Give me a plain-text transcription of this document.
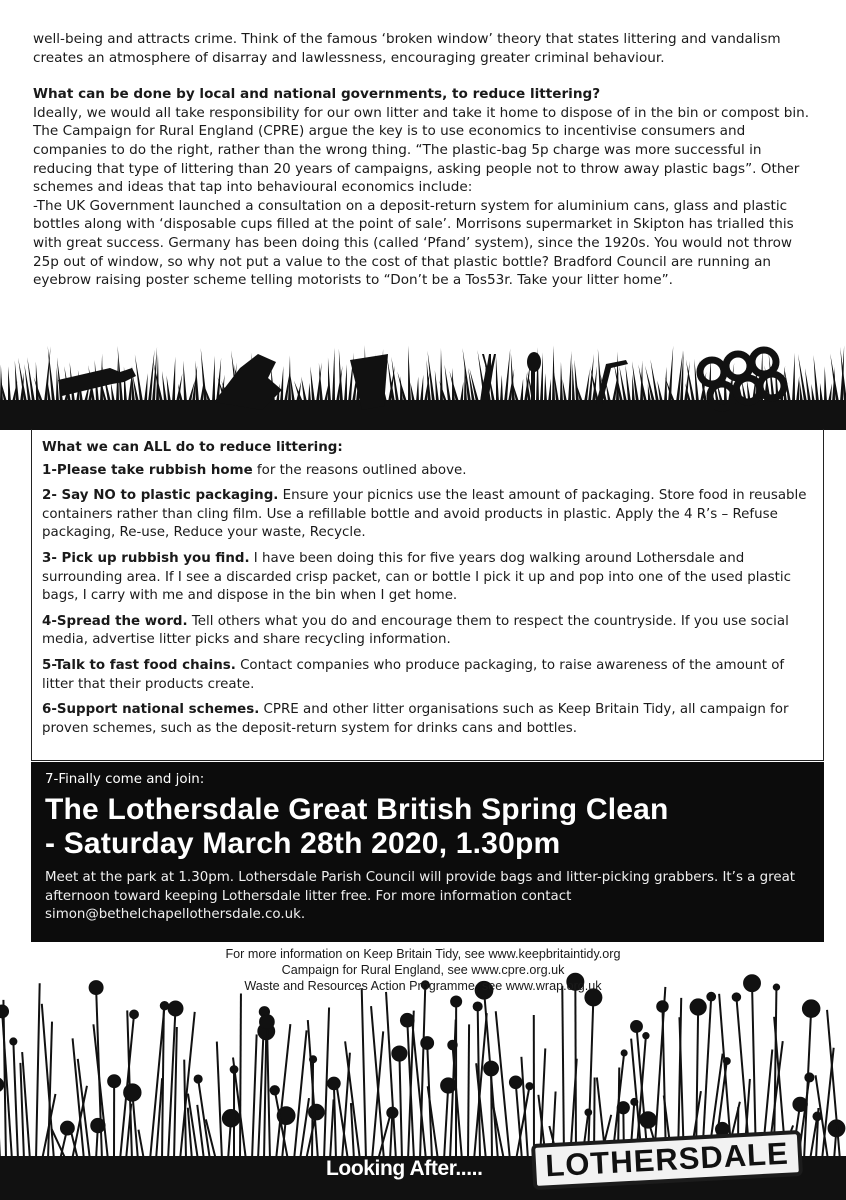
well-being and attracts crime. Think of the famous ‘broken window’ theory that states littering and vandalism creates an atmosphere of disarray and lawlessness, encouraging greater criminal behaviour.

What can be done by local and national governments, to reduce littering?

Ideally, we would all take responsibility for our own litter and take it home to dispose of in the bin or compost bin. The Campaign for Rural England (CPRE) argue the key is to use economics to incentivise consumers and companies to do the right, rather than the wrong thing. “The plastic-bag 5p charge was more successful in reducing that type of littering than 20 years of campaigns, asking people not to throw away plastic bags”. Other schemes and ideas that tap into behavioural economics include:

-The UK Government launched a consultation on a deposit-return system for aluminium cans, glass and plastic bottles along with ‘disposable cups filled at the point of sale’. Morrisons supermarket in Skipton has trialled this with great success. Germany has been doing this (called ‘Pfand’ system), since the 1920s. You would not throw 25p out of window, so why not put a value to the cost of that plastic bottle? Bradford Council are running an eyebrow raising poster scheme telling motorists to “Don’t be a Tos53r. Take your litter home”.

What we can ALL do to reduce littering:
1-Please take rubbish home for the reasons outlined above.
2- Say NO to plastic packaging. Ensure your picnics use the least amount of packaging. Store food in reusable containers rather than cling film. Use a refillable bottle and avoid products in plastic. Apply the 4 R’s – Refuse packaging, Re-use, Reduce your waste, Recycle.
3- Pick up rubbish you find. I have been doing this for five years dog walking around Lothersdale and surrounding area. If I see a discarded crisp packet, can or bottle I pick it up and pop into one of the used plastic bags, I carry with me and dispose in the bin when I get home.
4-Spread the word. Tell others what you do and encourage them to respect the countryside. If you use social media, advertise litter picks and share recycling information.
5-Talk to fast food chains. Contact companies who produce packaging, to raise awareness of the amount of litter that their products create.
6-Support national schemes. CPRE and other litter organisations such as Keep Britain Tidy, all campaign for proven schemes, such as the deposit-return system for drinks cans and bottles.

7-Finally come and join:

The Lothersdale Great British Spring Clean
- Saturday March 28th 2020, 1.30pm

Meet at the park at 1.30pm. Lothersdale Parish Council will provide bags and litter-picking grabbers. It’s a great afternoon toward keeping Lothersdale litter free. For more information contact simon@bethelchapellothersdale.co.uk.

For more information on Keep Britain Tidy, see www.keepbritaintidy.org
Campaign for Rural England, see www.cpre.org.uk
Waste and Resources Action Programme, see www.wrap.org.uk
Looking After..... LOTHERSDALE
